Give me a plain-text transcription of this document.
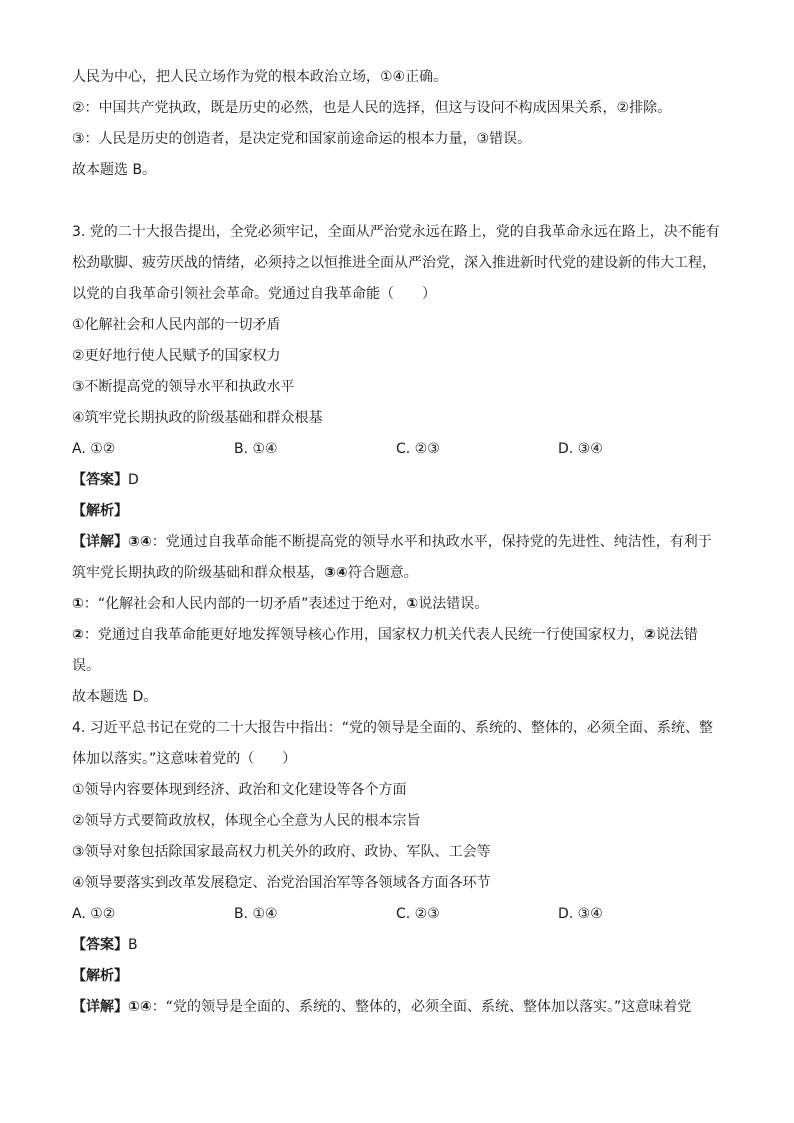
人民为中心，把人民立场作为党的根本政治立场，①④正确。
②：中国共产党执政，既是历史的必然，也是人民的选择，但这与设问不构成因果关系，②排除。
③：人民是历史的创造者，是决定党和国家前途命运的根本力量，③错误。
故本题选 B。
3. 党的二十大报告提出，全党必须牢记，全面从严治党永远在路上，党的自我革命永远在路上，决不能有
松劲歇脚、疲劳厌战的情绪，必须持之以恒推进全面从严治党，深入推进新时代党的建设新的伟大工程，
以党的自我革命引领社会革命。党通过自我革命能（　　）
①化解社会和人民内部的一切矛盾
②更好地行使人民赋予的国家权力
③不断提高党的领导水平和执政水平
④筑牢党长期执政的阶级基础和群众根基
A. ①②	B. ①④	C. ②③	D. ③④
【答案】D
【解析】
【详解】③④：党通过自我革命能不断提高党的领导水平和执政水平，保持党的先进性、纯洁性，有利于
筑牢党长期执政的阶级基础和群众根基，③④符合题意。
①：“化解社会和人民内部的一切矛盾”表述过于绝对，①说法错误。
②：党通过自我革命能更好地发挥领导核心作用，国家权力机关代表人民统一行使国家权力，②说法错
误。
故本题选 D。
4. 习近平总书记在党的二十大报告中指出：“党的领导是全面的、系统的、整体的，必须全面、系统、整
体加以落实。”这意味着党的（　　）
①领导内容要体现到经济、政治和文化建设等各个方面
②领导方式要简政放权，体现全心全意为人民的根本宗旨
③领导对象包括除国家最高权力机关外的政府、政协、军队、工会等
④领导要落实到改革发展稳定、治党治国治军等各领域各方面各环节
A. ①②	B. ①④	C. ②③	D. ③④
【答案】B
【解析】
【详解】①④：“党的领导是全面的、系统的、整体的，必须全面、系统、整体加以落实。”这意味着党
